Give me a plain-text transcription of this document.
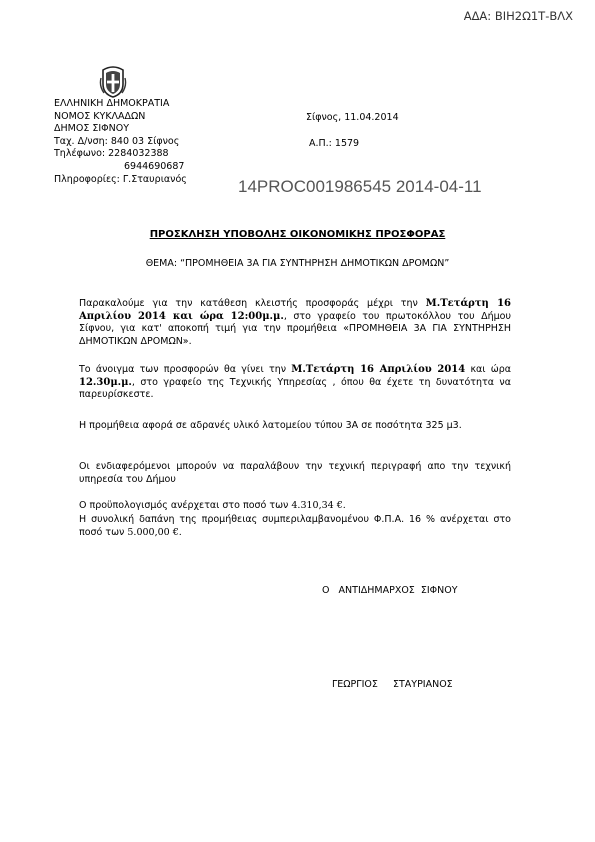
ΑΔΑ: ΒΙΗ2Ω1Τ-ΒΛΧ
ΕΛΛΗΝΙΚΗ ΔΗΜΟΚΡΑΤΙΑ
ΝΟΜΟΣ ΚΥΚΛΑΔΩΝ
ΔΗΜΟΣ ΣΙΦΝΟΥ
Ταχ. Δ/νση: 840 03 Σίφνος
Τηλέφωνο: 2284032388
6944690687
Πληροφορίες: Γ.Σταυριανός
Σίφνος, 11.04.2014
Α.Π.: 1579
14PROC001986545 2014-04-11
ΠΡΟΣΚΛΗΣΗ ΥΠΟΒΟΛΗΣ ΟΙΚΟΝΟΜΙΚΗΣ ΠΡΟΣΦΟΡΑΣ
ΘΕΜΑ: “ΠΡΟΜΗΘΕΙΑ 3Α ΓΙΑ ΣΥΝΤΗΡΗΣΗ ΔΗΜΟΤΙΚΩΝ ΔΡΟΜΩΝ”
Παρακαλούμε για την κατάθεση κλειστής προσφοράς μέχρι την Μ.Τετάρτη 16 Απριλίου 2014 και ώρα 12:00μ.μ., στο γραφείο του πρωτοκόλλου του Δήμου Σίφνου, για κατ' αποκοπή τιμή για την προμήθεια «ΠΡΟΜΗΘΕΙΑ 3Α ΓΙΑ ΣΥΝΤΗΡΗΣΗ ΔΗΜΟΤΙΚΩΝ ΔΡΟΜΩΝ».
Το άνοιγμα των προσφορών θα γίνει την Μ.Τετάρτη 16 Απριλίου 2014 και ώρα 12.30μ.μ., στο γραφείο της Τεχνικής Υπηρεσίας , όπου θα έχετε τη δυνατότητα να παρευρίσκεστε.
Η προμήθεια αφορά σε αδρανές υλικό λατομείου τύπου 3Α σε ποσότητα 325 μ3.
Οι ενδιαφερόμενοι μπορούν να παραλάβουν την τεχνική περιγραφή απο την τεχνική υπηρεσία του Δήμου
Ο προϋπολογισμός ανέρχεται στο ποσό των 4.310,34 €.
Η συνολική δαπάνη της προμήθειας συμπεριλαμβανομένου Φ.Π.Α. 16 % ανέρχεται στο ποσό των 5.000,00 €.
Ο   ΑΝΤΙΔΗΜΑΡΧΟΣ  ΣΙΦΝΟΥ
ΓΕΩΡΓΙΟΣ     ΣΤΑΥΡΙΑΝΟΣ
